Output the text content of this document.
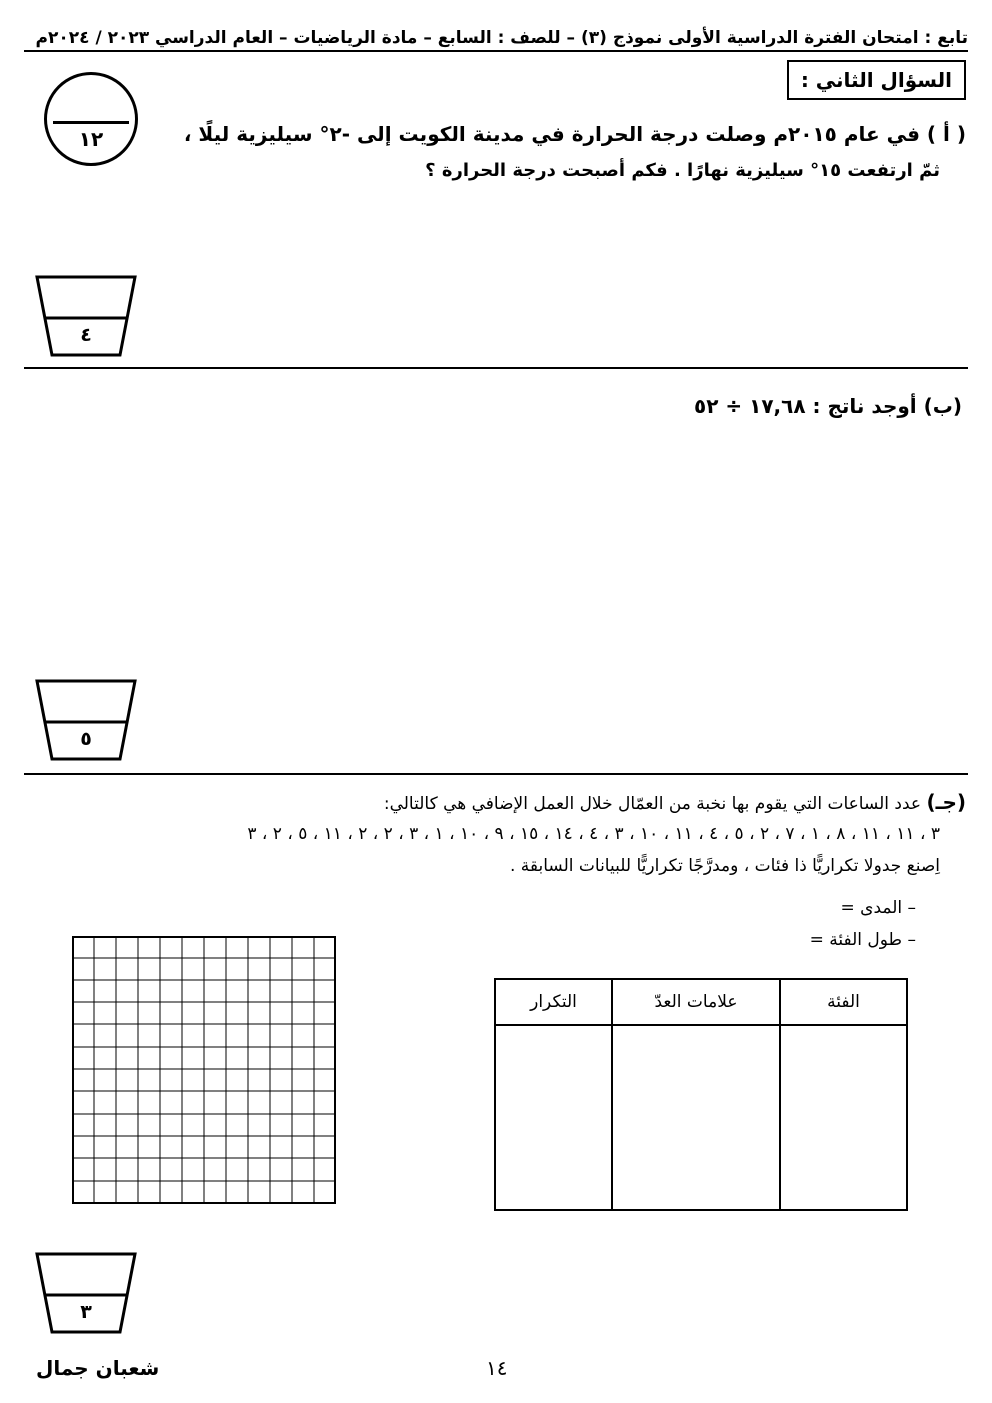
تابع : امتحان الفترة الدراسية الأولى نموذج (٣) – للصف : السابع – مادة الرياضيات – العام الدراسي ٢٠٢٣ / ٢٠٢٤م
السؤال الثاني :
١٢	( أ ) في عام ٢٠١٥م وصلت درجة الحرارة في مدينة الكويت إلى -٢° سيليزية ليلًا ،
ثمّ ارتفعت ١٥° سيليزية نهارًا . فكم أصبحت درجة الحرارة ؟
٤
(ب) أوجد ناتج : ١٧,٦٨ ÷ ٥٢
٥
(جـ) عدد الساعات التي يقوم بها نخبة من العمّال خلال العمل الإضافي هي كالتالي:
٣ ، ١١ ، ١١ ، ٨ ، ١ ، ٧ ، ٢ ، ٥ ، ٤ ، ١١ ، ١٠ ، ٣ ، ٤ ، ١٤ ، ١٥ ، ٩ ، ١٠ ، ١ ، ٣ ، ٢ ، ٢ ، ١١ ، ٥ ، ٢ ، ٣
اِصنع جدولا تكراريًّا ذا فئات ، ومدرَّجًا تكراريًّا للبيانات السابقة .
– المدى =
– طول الفئة =
الفئة	علامات العدّ	التكرار

٣
١٤
شعبان جمال
